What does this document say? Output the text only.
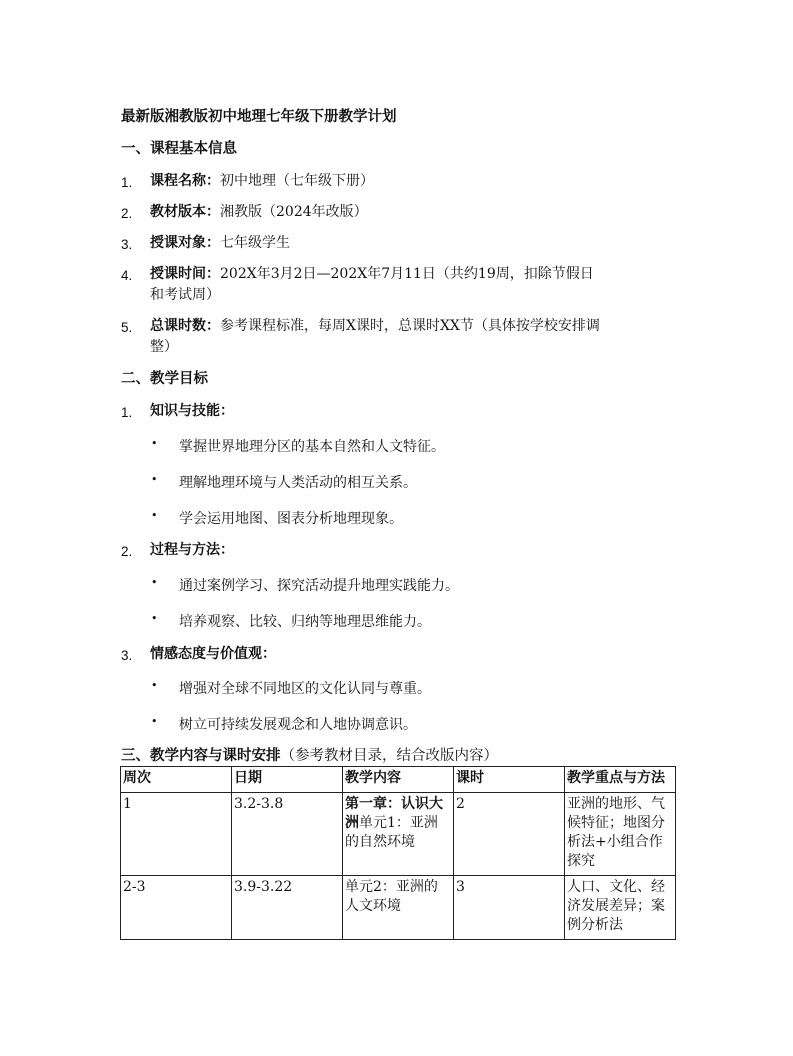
最新版湘教版初中地理七年级下册教学计划
一、课程基本信息
1. 课程名称：初中地理（七年级下册）
2. 教材版本：湘教版（2024年改版）
3. 授课对象：七年级学生
4. 授课时间：202X年3月2日—202X年7月11日（共约19周，扣除节假日
和考试周）
5. 总课时数：参考课程标准，每周X课时，总课时XX节（具体按学校安排调
整）
二、教学目标
1. 知识与技能：
• 掌握世界地理分区的基本自然和人文特征。
• 理解地理环境与人类活动的相互关系。
• 学会运用地图、图表分析地理现象。
2. 过程与方法：
• 通过案例学习、探究活动提升地理实践能力。
• 培养观察、比较、归纳等地理思维能力。
3. 情感态度与价值观：
• 增强对全球不同地区的文化认同与尊重。
• 树立可持续发展观念和人地协调意识。
三、教学内容与课时安排（参考教材目录，结合改版内容）
周次	日期	教学内容	课时	教学重点与方法
1	3.2-3.8	第一章：认识大洲单元1：亚洲的自然环境	2	亚洲的地形、气候特征；地图分析法+小组合作探究
2-3	3.9-3.22	单元2：亚洲的人文环境	3	人口、文化、经济发展差异；案例分析法
